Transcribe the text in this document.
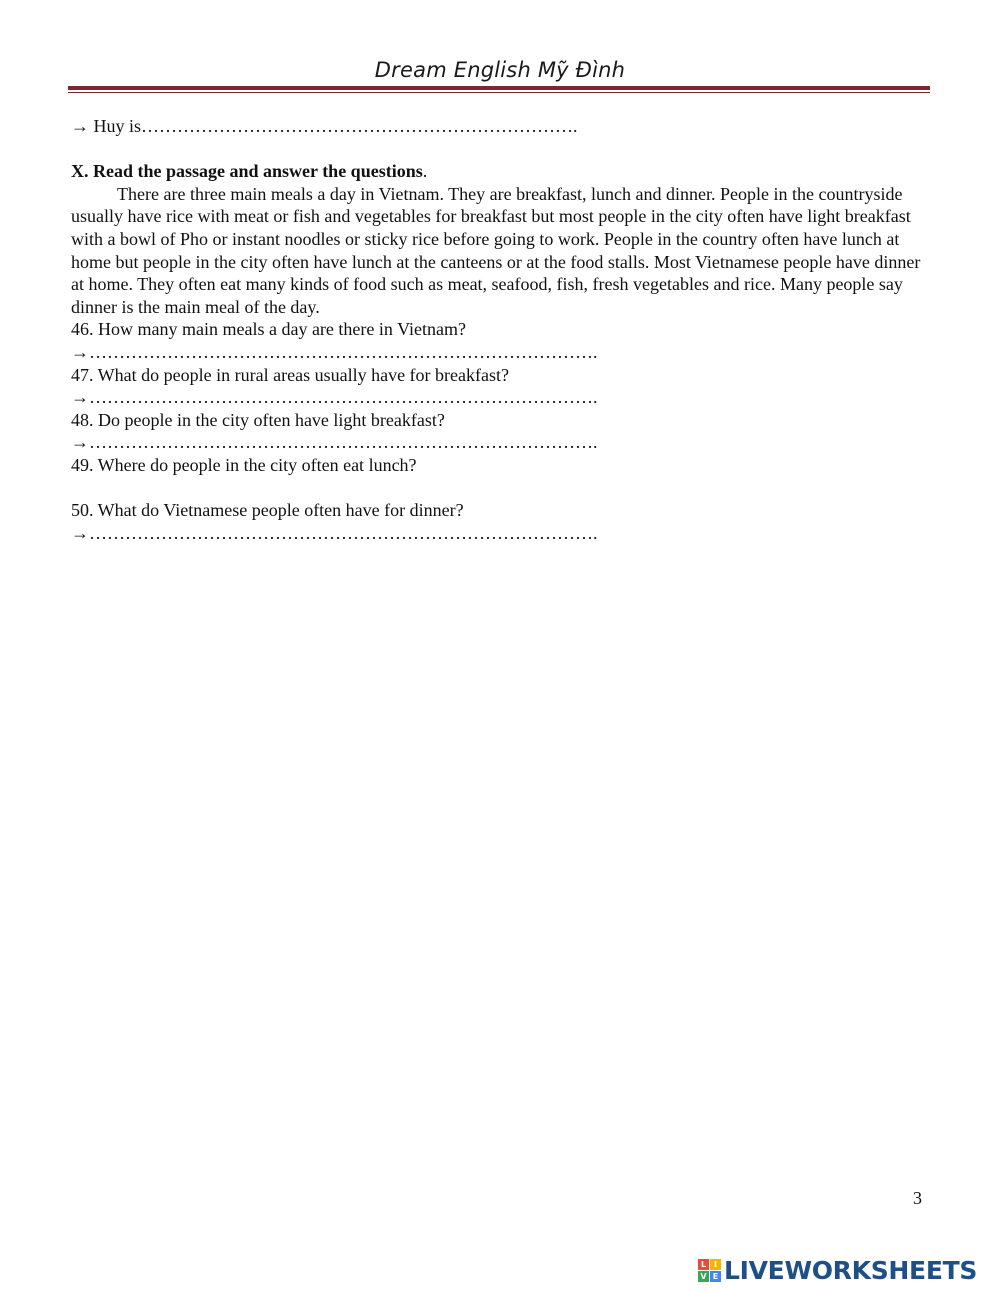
Dream English Mỹ Đình
→ Huy is……………………………………………………………….
X. Read the passage and answer the questions.
There are three main meals a day in Vietnam. They are breakfast, lunch and dinner. People in the countryside usually have rice with meat or fish and vegetables for breakfast but most people in the city often have light breakfast with a bowl of Pho or instant noodles or sticky rice before going to work. People in the country often have lunch at home but people in the city often have lunch at the canteens or at the food stalls. Most Vietnamese people have dinner at home. They often eat many kinds of food such as meat, seafood, fish, fresh vegetables and rice. Many people say dinner is the main meal of the day.
46. How many main meals a day are there in Vietnam?
→………………………………………………………………………….
47. What do people in rural areas usually have for breakfast?
→………………………………………………………………………….
48. Do people in the city often have light breakfast?
→………………………………………………………………………….
49. Where do people in the city often eat lunch?
50. What do Vietnamese people often have for dinner?
→………………………………………………………………………….
3
L I
V E LIVEWORKSHEETS
